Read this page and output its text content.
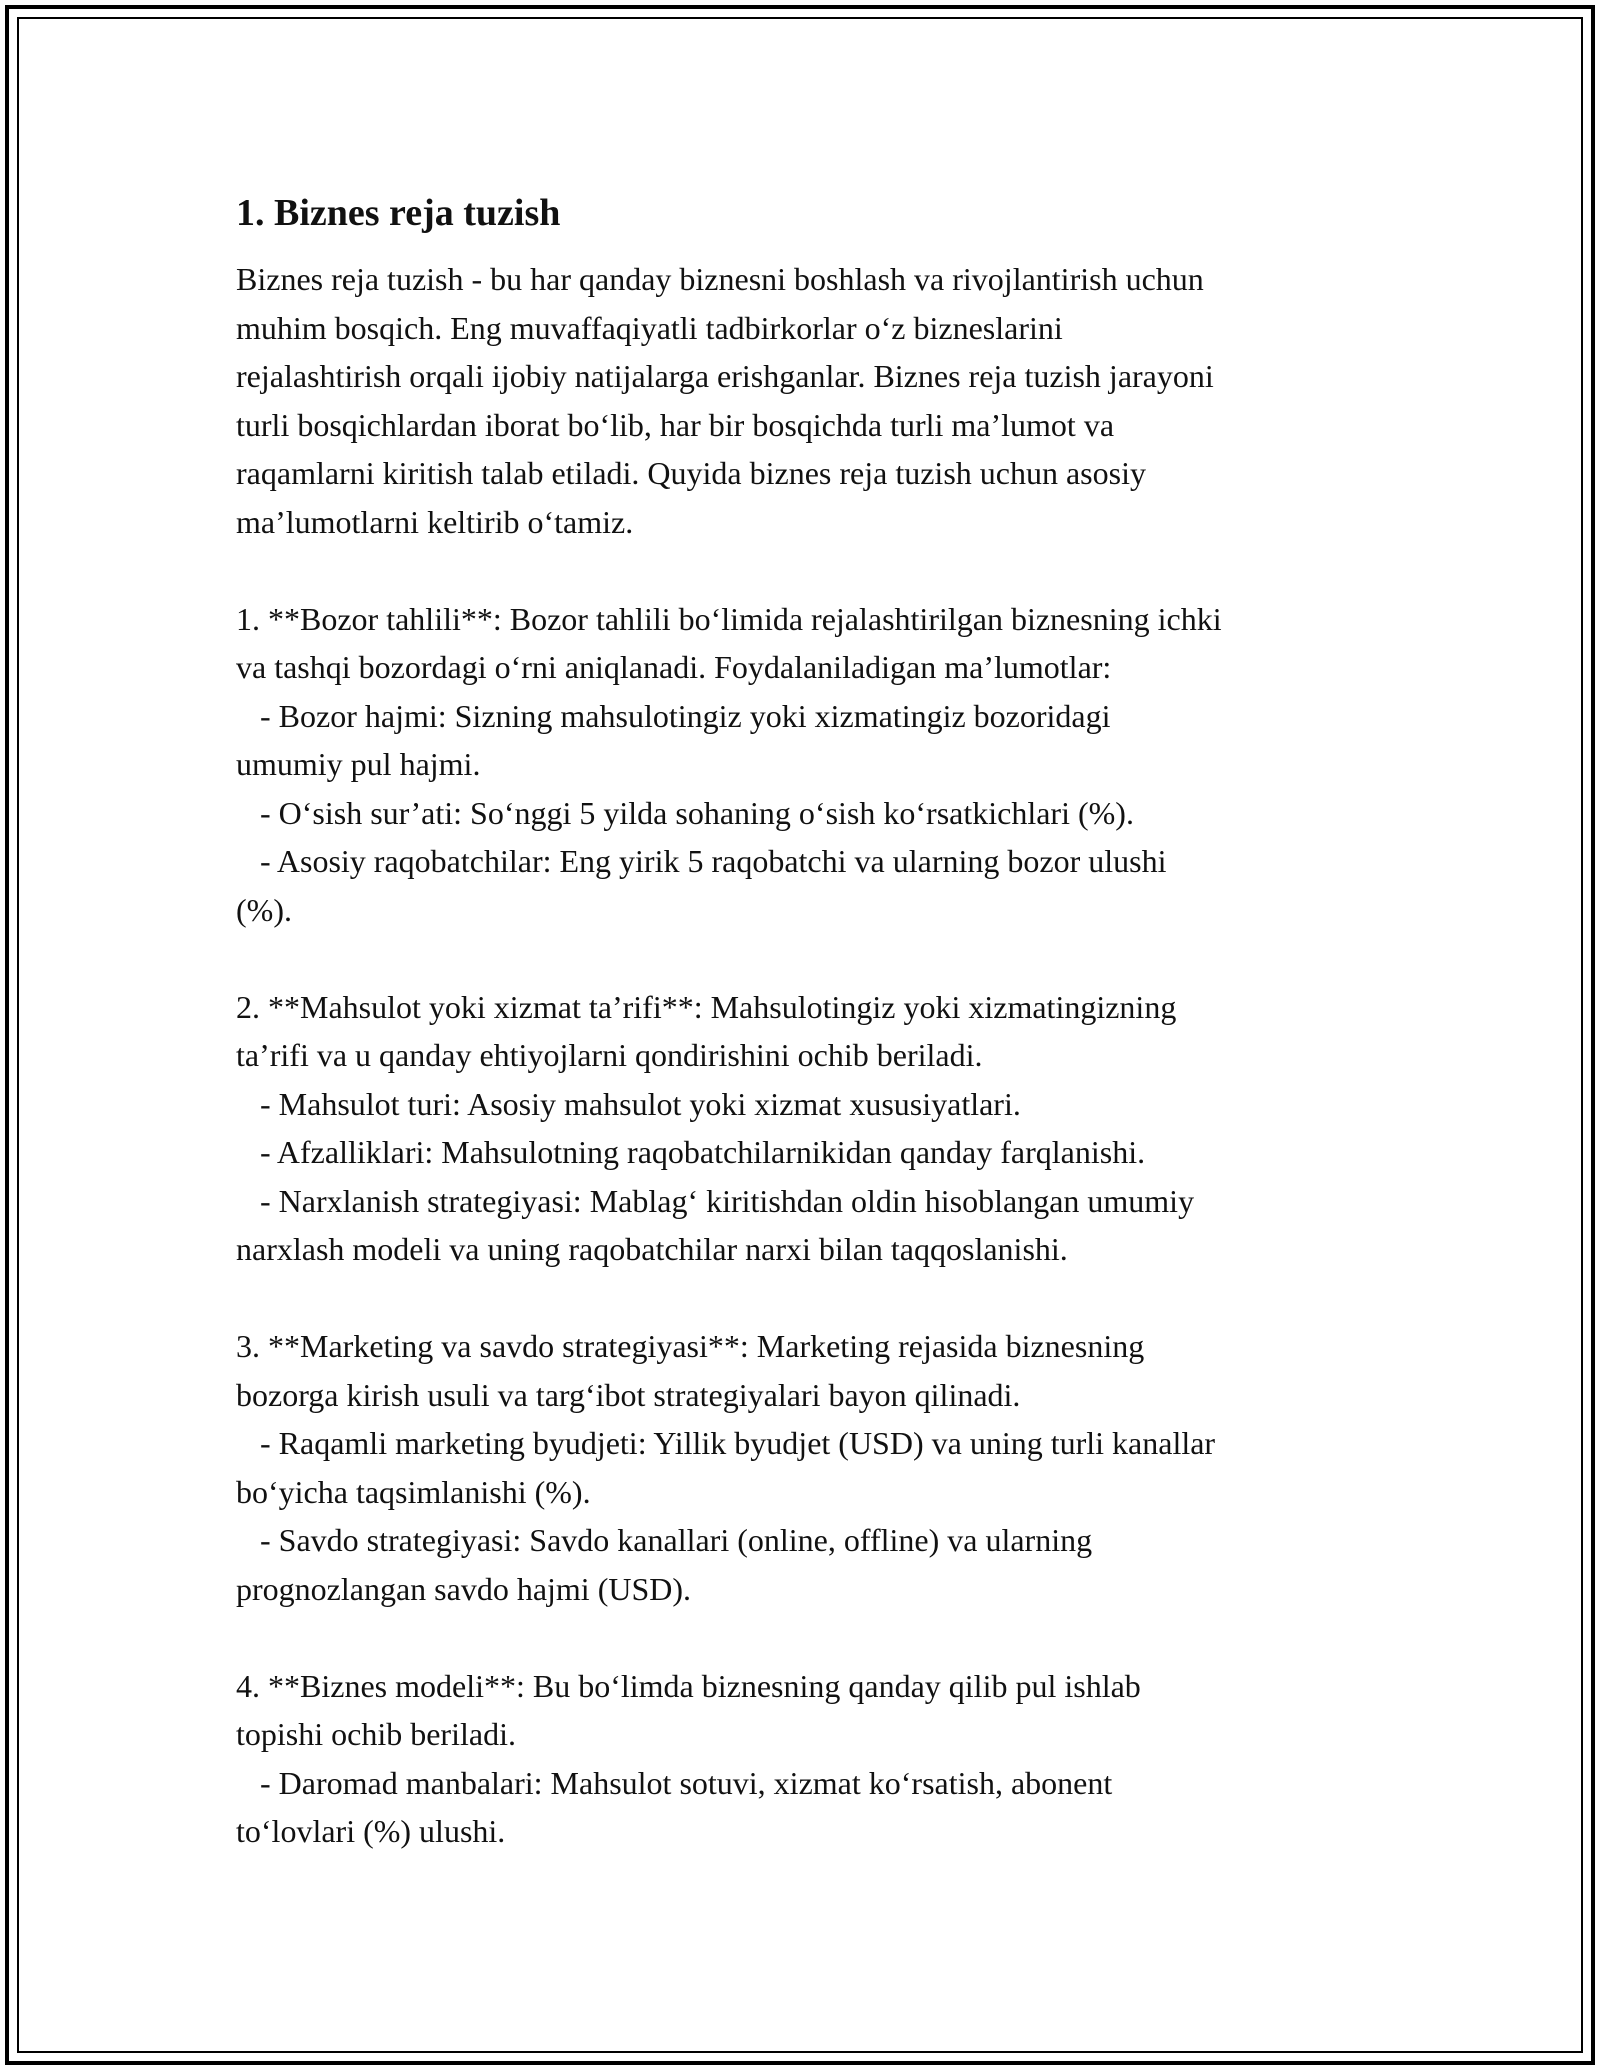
1. Biznes reja tuzish
Biznes reja tuzish - bu har qanday biznesni boshlash va rivojlantirish uchun
muhim bosqich. Eng muvaffaqiyatli tadbirkorlar o‘z bizneslarini
rejalashtirish orqali ijobiy natijalarga erishganlar. Biznes reja tuzish jarayoni
turli bosqichlardan iborat bo‘lib, har bir bosqichda turli ma’lumot va
raqamlarni kiritish talab etiladi. Quyida biznes reja tuzish uchun asosiy
ma’lumotlarni keltirib o‘tamiz.
1. **Bozor tahlili**: Bozor tahlili bo‘limida rejalashtirilgan biznesning ichki
va tashqi bozordagi o‘rni aniqlanadi. Foydalaniladigan ma’lumotlar:
- Bozor hajmi: Sizning mahsulotingiz yoki xizmatingiz bozoridagi
umumiy pul hajmi.
- O‘sish sur’ati: So‘nggi 5 yilda sohaning o‘sish ko‘rsatkichlari (%).
- Asosiy raqobatchilar: Eng yirik 5 raqobatchi va ularning bozor ulushi
(%).
2. **Mahsulot yoki xizmat ta’rifi**: Mahsulotingiz yoki xizmatingizning
ta’rifi va u qanday ehtiyojlarni qondirishini ochib beriladi.
- Mahsulot turi: Asosiy mahsulot yoki xizmat xususiyatlari.
- Afzalliklari: Mahsulotning raqobatchilarnikidan qanday farqlanishi.
- Narxlanish strategiyasi: Mablag‘ kiritishdan oldin hisoblangan umumiy
narxlash modeli va uning raqobatchilar narxi bilan taqqoslanishi.
3. **Marketing va savdo strategiyasi**: Marketing rejasida biznesning
bozorga kirish usuli va targ‘ibot strategiyalari bayon qilinadi.
- Raqamli marketing byudjeti: Yillik byudjet (USD) va uning turli kanallar
bo‘yicha taqsimlanishi (%).
- Savdo strategiyasi: Savdo kanallari (online, offline) va ularning
prognozlangan savdo hajmi (USD).
4. **Biznes modeli**: Bu bo‘limda biznesning qanday qilib pul ishlab
topishi ochib beriladi.
- Daromad manbalari: Mahsulot sotuvi, xizmat ko‘rsatish, abonent
to‘lovlari (%) ulushi.
